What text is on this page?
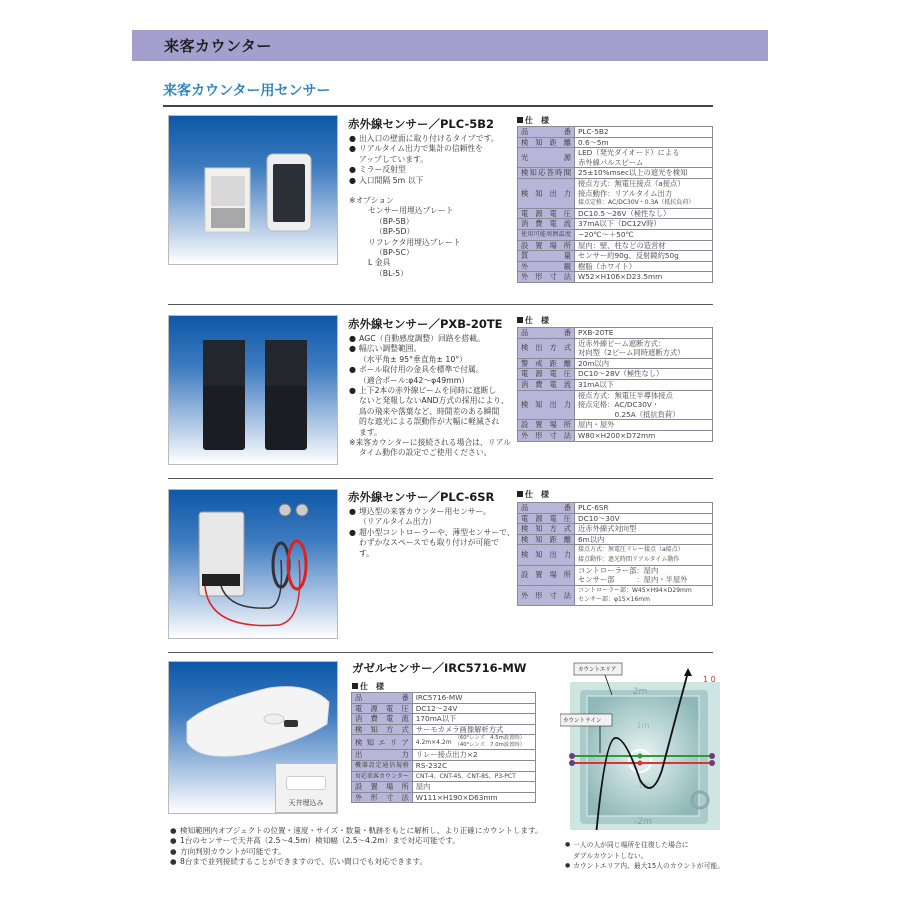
来客カウンター
来客カウンター用センサー
赤外線センサー／PLC-5B2
● 出入口の壁面に取り付けるタイプです。
● リアルタイム出力で集計の信頼性を
アップしています。
● ミラー反射型
● 入口間隔 5m 以下
※オプション
センサー用埋込プレート
（BP-5B）
（BP-5D）
リフレクタ用埋込プレート
（BP-5C）
L 金具
（BL-5）
仕　様
品番	PLC-5B2
検知距離	0.6～5m
光源	LED（発光ダイオード）による
赤外線パルスビーム

検知応答時間	25±10%msec以上の遮光を検知
検知出力	接点方式：無電圧接点（a接点）
接点動作：リアルタイム出力
接点定格：AC/DC30V・0.3A（抵抗負荷）

電源電圧	DC10.5～26V（極性なし）
消費電流	37mA以下（DC12V時）
使用可能周囲温度	−20℃～＋50℃
設置場所	屋内：壁、柱などの造営材
質量	センサー約90g、反射鏡約50g
外観	樹脂（ホワイト）
外形寸法	W52×H106×D23.5mm
赤外線センサー／PXB-20TE
● AGC（自動感度調整）回路を搭載。
● 幅広い調整範囲。
（水平角± 95°垂直角± 10°）
● ポール取付用の金具を標準で付属。
（適合ポール:φ42～φ49mm）
● 上下2本の赤外線ビームを同時に遮断し
ないと発報しないAND方式の採用により、
鳥の飛来や落葉など、時間差のある瞬間
的な遮光による誤動作が大幅に軽減され
ます。
※来客カウンターに接続される場合は、リアル
タイム動作の設定でご使用ください。
仕　様
品番	PXB-20TE
検出方式	近赤外線ビーム遮断方式：
対向型（2ビーム同時遮断方式）

警戒距離	20m以内
電源電圧	DC10～28V（極性なし）
消費電流	31mA以下
検知出力	接点方式：無電圧半導体接点
接点定格：AC/DC30V・
　　　　　0.25A（抵抗負荷）

設置場所	屋内・屋外
外形寸法	W80×H200×D72mm
赤外線センサー／PLC-6SR
● 埋込型の来客カウンター用センサー。
（リアルタイム出力）
● 超小型コントローラーや、薄型センサーで、
わずかなスペースでも取り付けが可能で
す。
仕　様
品番	PLC-6SR
電源電圧	DC10～30V
検知方式	近赤外線式対向型
検知距離	6m以内
検知出力	接点方式：無電圧リレー接点（a接点）
接点動作：遮光時間リアルタイム動作

設置場所	コントローラー部：屋内
センサー部　　　：屋内・半屋外

外形寸法	コントローラー部：W45×H94×D29mm
センサー部：φ15×16mm
天井埋込み
ガゼルセンサー／IRC5716-MW
仕　様
品番	IRC5716-MW
電源電圧	DC12～24V
消費電流	170mA以下
検知方式	サーモカメラ画像解析方式
検知エリア	4.2m×4.2m
（60°レンズ　4.5m設置時）
（40°レンズ　7.0m設置時）

出力	リレー接点出力×2
機器設定通信規格	RS-232C
対応来客カウンター	CNT-4、CNT-4S、CNT-8S、P3-PCT
設置場所	屋内
外形寸法	W111×H190×D63mm
2m
1m
-1m
-2m
1 0
カウントエリア
カウントライン
● 一人の人が同じ場所を往復した場合に
ダブルカウントしない。
● カウントエリア内、最大15人のカウントが可能。
● 検知範囲内オブジェクトの位置・速度・サイズ・数量・軌跡をもとに解析し、より正確にカウントします。
● 1台のセンサーで天井高（2.5～4.5m）検知幅（2.5～4.2m）まで対応可能です。
● 方向判別カウントが可能です。
● 8台まで並列接続することができますので、広い間口でも対応できます。
